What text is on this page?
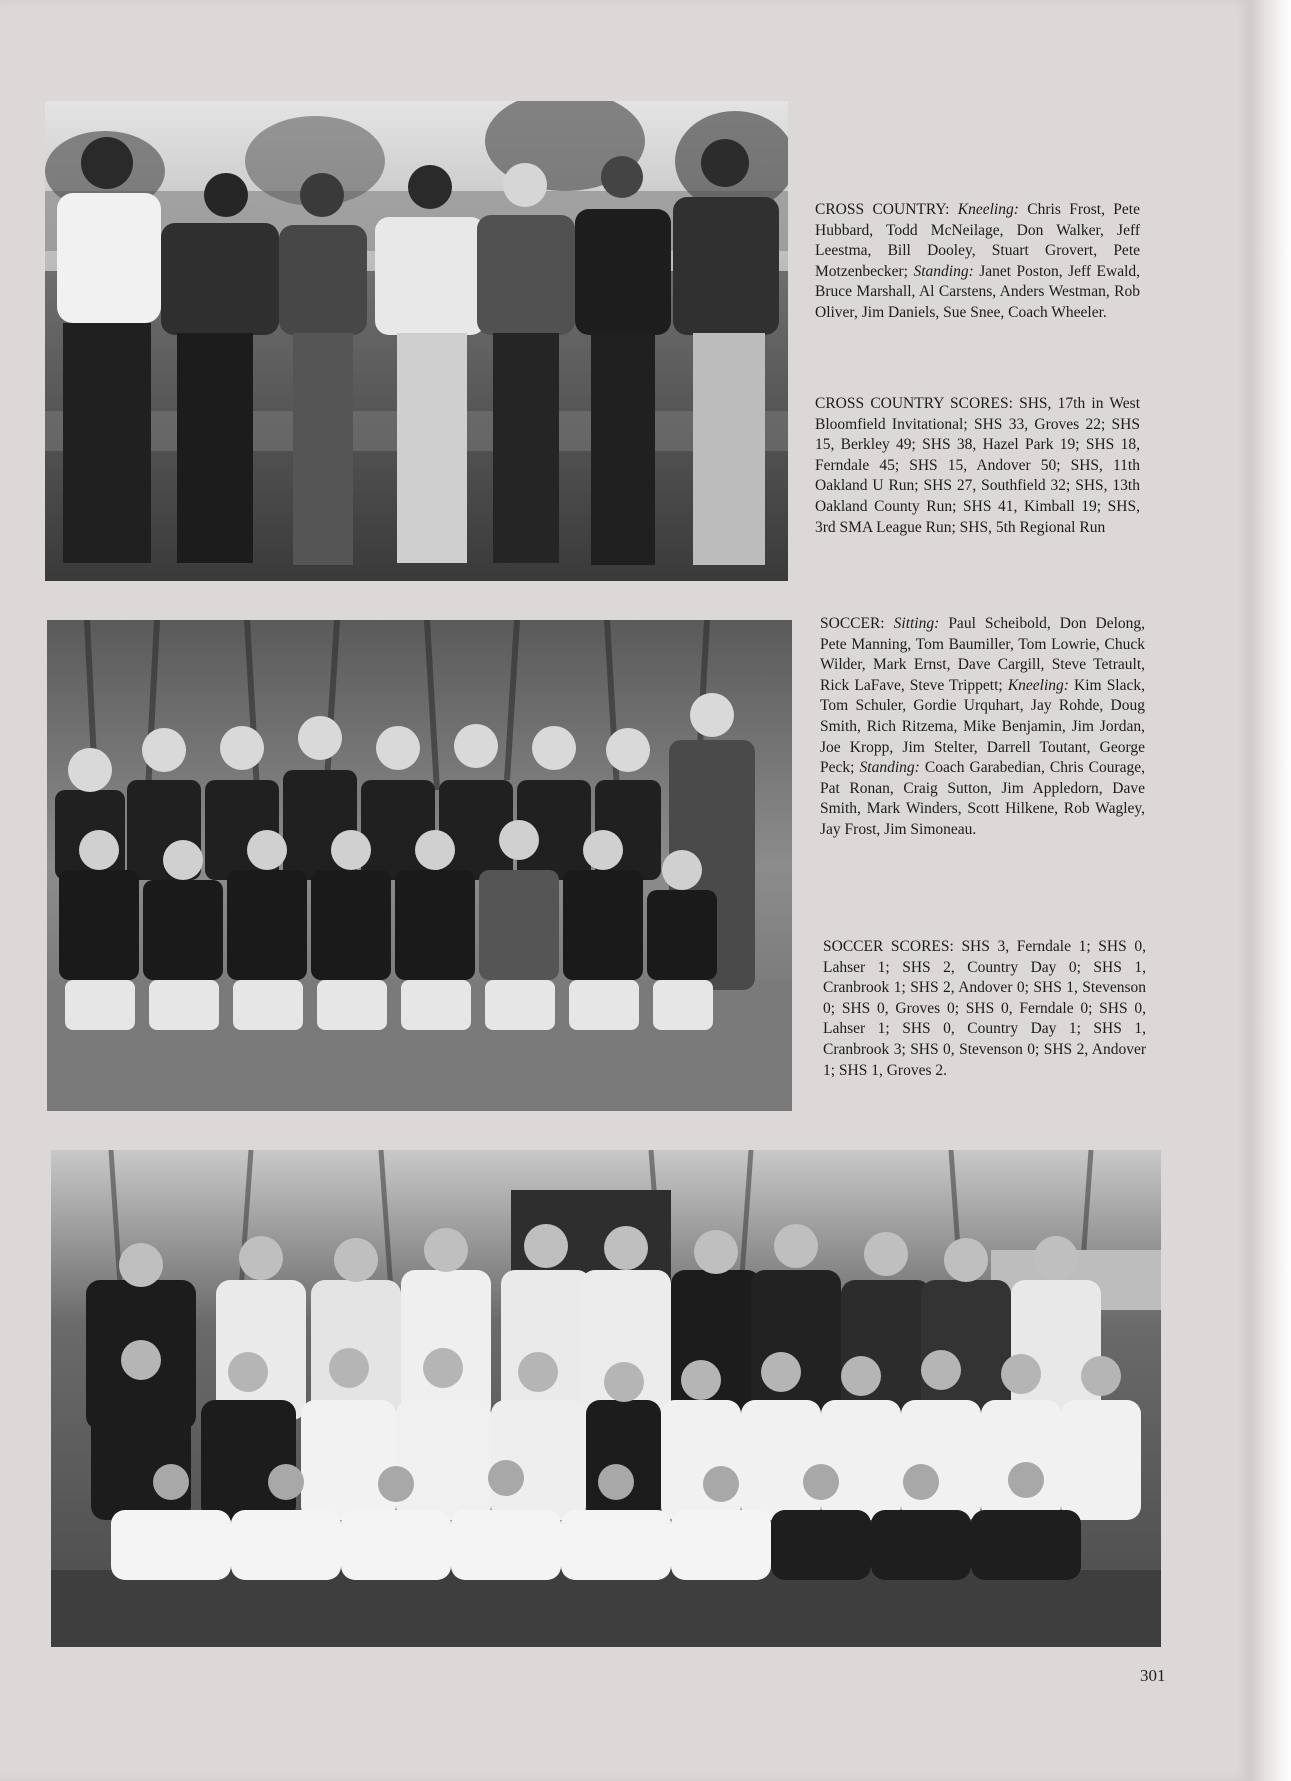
CROSS COUNTRY: Kneeling: Chris Frost, Pete Hubbard, Todd McNeilage, Don Walker, Jeff Leestma, Bill Dooley, Stuart Grovert, Pete Motzenbecker; Standing: Janet Poston, Jeff Ewald, Bruce Marshall, Al Carstens, Anders Westman, Rob Oliver, Jim Daniels, Sue Snee, Coach Wheeler.

CROSS COUNTRY SCORES: SHS, 17th in West Bloomfield Invitational; SHS 33, Groves 22; SHS 15, Berkley 49; SHS 38, Hazel Park 19; SHS 18, Ferndale 45; SHS 15, Andover 50; SHS, 11th Oakland U Run; SHS 27, Southfield 32; SHS, 13th Oakland County Run; SHS 41, Kimball 19; SHS, 3rd SMA League Run; SHS, 5th Regional Run

SOCCER: Sitting: Paul Scheibold, Don Delong, Pete Manning, Tom Baumiller, Tom Lowrie, Chuck Wilder, Mark Ernst, Dave Cargill, Steve Tetrault, Rick LaFave, Steve Trippett; Kneeling: Kim Slack, Tom Schuler, Gordie Urquhart, Jay Rohde, Doug Smith, Rich Ritzema, Mike Benjamin, Jim Jordan, Joe Kropp, Jim Stelter, Darrell Toutant, George Peck; Standing: Coach Garabedian, Chris Courage, Pat Ronan, Craig Sutton, Jim Appledorn, Dave Smith, Mark Winders, Scott Hilkene, Rob Wagley, Jay Frost, Jim Simoneau.

SOCCER SCORES: SHS 3, Ferndale 1; SHS 0, Lahser 1; SHS 2, Country Day 0; SHS 1, Cranbrook 1; SHS 2, Andover 0; SHS 1, Stevenson 0; SHS 0, Groves 0; SHS 0, Ferndale 0; SHS 0, Lahser 1; SHS 0, Country Day 1; SHS 1, Cranbrook 3; SHS 0, Stevenson 0; SHS 2, Andover 1; SHS 1, Groves 2.

301
